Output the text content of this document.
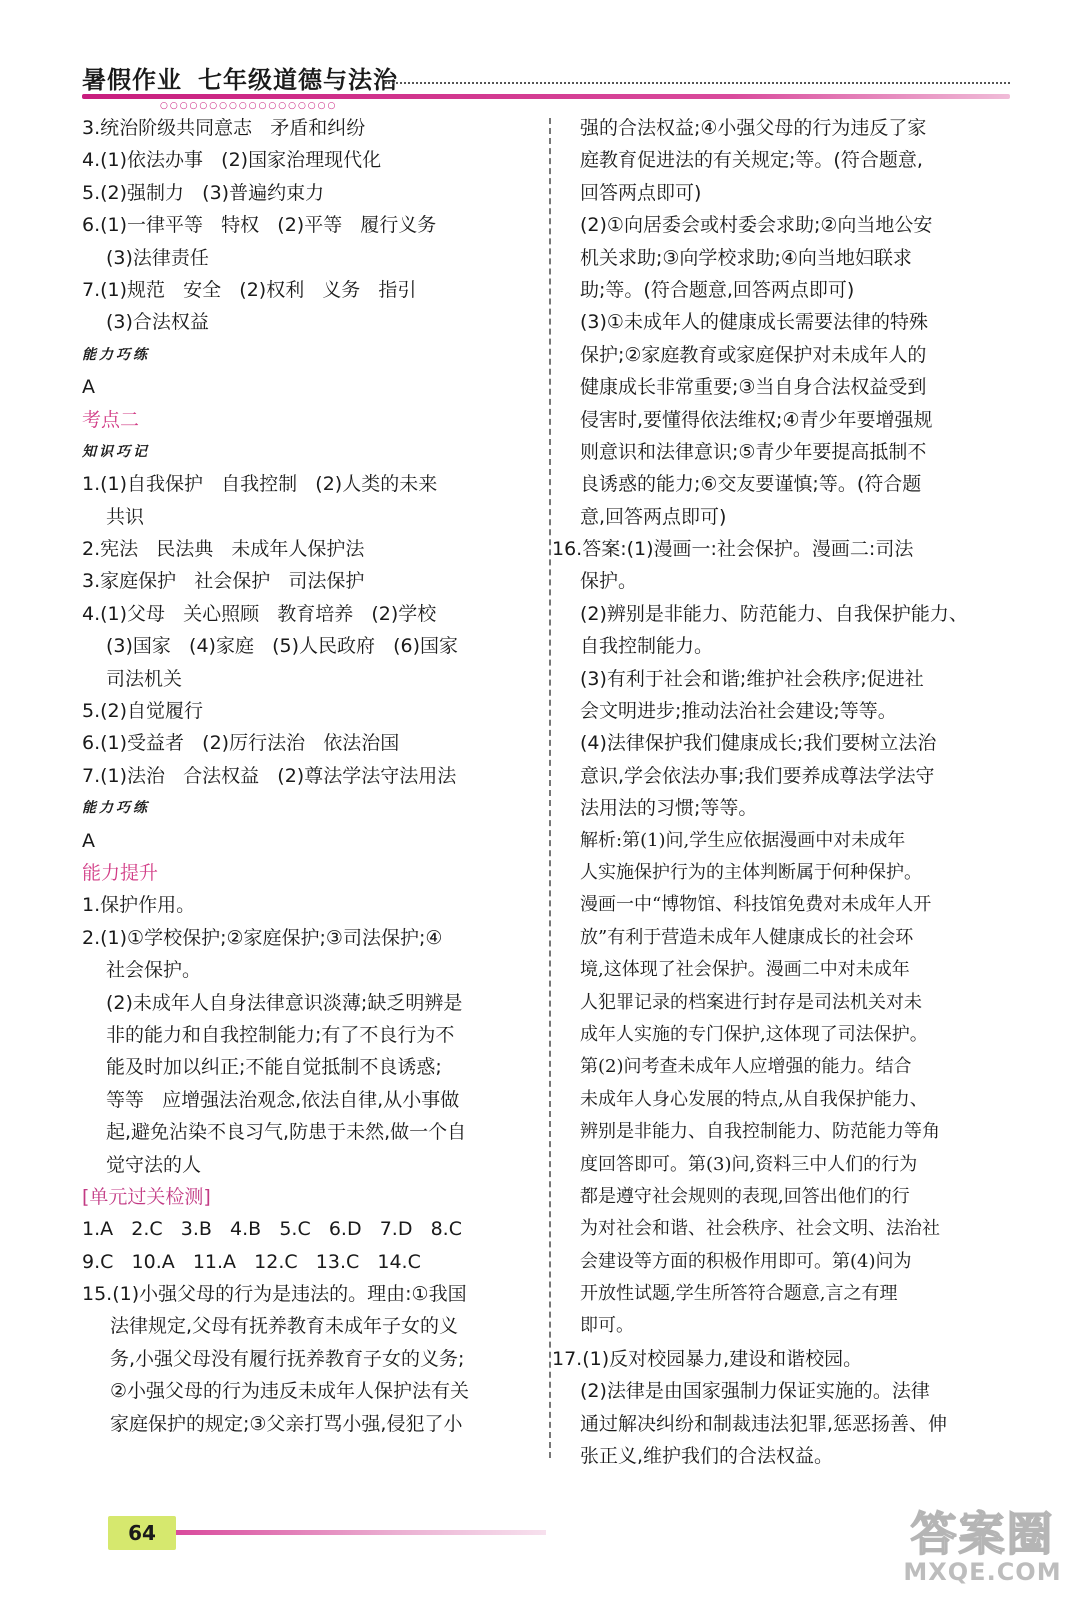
暑假作业 七年级道德与法治
○○○○○○○○○○○○○○○○○○
3.统治阶级共同意志   矛盾和纠纷
4.(1)依法办事   (2)国家治理现代化
5.(2)强制力   (3)普遍约束力
6.(1)一律平等   特权   (2)平等   履行义务
(3)法律责任
7.(1)规范   安全   (2)权利   义务   指引
(3)合法权益
能力巧练
A
考点二
知识巧记
1.(1)自我保护   自我控制   (2)人类的未来
共识
2.宪法   民法典   未成年人保护法
3.家庭保护   社会保护   司法保护
4.(1)父母   关心照顾   教育培养   (2)学校
(3)国家   (4)家庭   (5)人民政府   (6)国家
司法机关
5.(2)自觉履行
6.(1)受益者   (2)厉行法治   依法治国
7.(1)法治   合法权益   (2)尊法学法守法用法
能力巧练
A
能力提升
1.保护作用。
2.(1)①学校保护;②家庭保护;③司法保护;④
社会保护。
(2)未成年人自身法律意识淡薄;缺乏明辨是
非的能力和自我控制能力;有了不良行为不
能及时加以纠正;不能自觉抵制不良诱惑;
等等   应增强法治观念,依法自律,从小事做
起,避免沾染不良习气,防患于未然,做一个自
觉守法的人
[单元过关检测]
1.A   2.C   3.B   4.B   5.C   6.D   7.D   8.C
9.C   10.A   11.A   12.C   13.C   14.C
15.(1)小强父母的行为是违法的。理由:①我国
法律规定,父母有抚养教育未成年子女的义
务,小强父母没有履行抚养教育子女的义务;
②小强父母的行为违反未成年人保护法有关
家庭保护的规定;③父亲打骂小强,侵犯了小
强的合法权益;④小强父母的行为违反了家
庭教育促进法的有关规定;等。(符合题意,
回答两点即可)
(2)①向居委会或村委会求助;②向当地公安
机关求助;③向学校求助;④向当地妇联求
助;等。(符合题意,回答两点即可)
(3)①未成年人的健康成长需要法律的特殊
保护;②家庭教育或家庭保护对未成年人的
健康成长非常重要;③当自身合法权益受到
侵害时,要懂得依法维权;④青少年要增强规
则意识和法律意识;⑤青少年要提高抵制不
良诱惑的能力;⑥交友要谨慎;等。(符合题
意,回答两点即可)
16.答案:(1)漫画一:社会保护。漫画二:司法
保护。
(2)辨别是非能力、防范能力、自我保护能力、
自我控制能力。
(3)有利于社会和谐;维护社会秩序;促进社
会文明进步;推动法治社会建设;等等。
(4)法律保护我们健康成长;我们要树立法治
意识,学会依法办事;我们要养成尊法学法守
法用法的习惯;等等。
解析:第(1)问,学生应依据漫画中对未成年
人实施保护行为的主体判断属于何种保护。
漫画一中“博物馆、科技馆免费对未成年人开
放”有利于营造未成年人健康成长的社会环
境,这体现了社会保护。漫画二中对未成年
人犯罪记录的档案进行封存是司法机关对未
成年人实施的专门保护,这体现了司法保护。
第(2)问考查未成年人应增强的能力。结合
未成年人身心发展的特点,从自我保护能力、
辨别是非能力、自我控制能力、防范能力等角
度回答即可。第(3)问,资料三中人们的行为
都是遵守社会规则的表现,回答出他们的行
为对社会和谐、社会秩序、社会文明、法治社
会建设等方面的积极作用即可。第(4)问为
开放性试题,学生所答符合题意,言之有理
即可。
17.(1)反对校园暴力,建设和谐校园。
(2)法律是由国家强制力保证实施的。法律
通过解决纠纷和制裁违法犯罪,惩恶扬善、伸
张正义,维护我们的合法权益。
64	答案圈
MXQE.COM
